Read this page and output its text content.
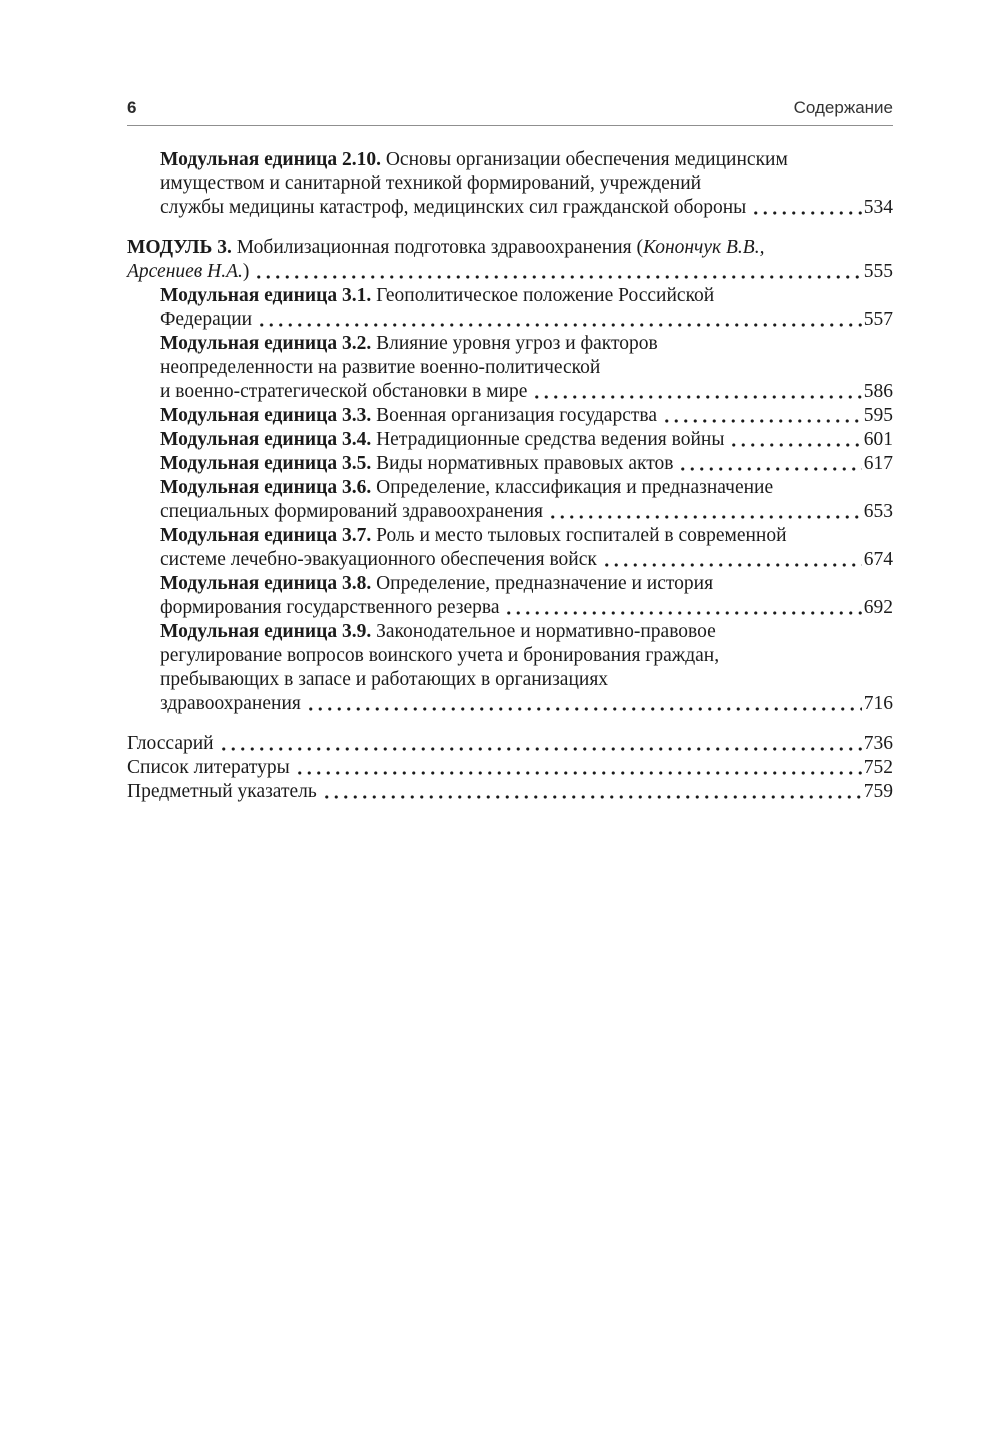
6	Содержание
Модульная единица 2.10. Основы организации обеспечения медицинским
имуществом и санитарной техникой формирований, учреждений
службы медицины катастроф, медицинских сил гражданской обороны	534
МОДУЛЬ 3. Мобилизационная подготовка здравоохранения ( Конончук В.В.,
Арсениев Н.А. )	555
Модульная единица 3.1. Геополитическое положение Российской
Федерации	557
Модульная единица 3.2. Влияние уровня угроз и факторов
неопределенности на развитие военно-политической
и военно-стратегической обстановки в мире	586
Модульная единица 3.3. Военная организация государства	595
Модульная единица 3.4. Нетрадиционные средства ведения войны	601
Модульная единица 3.5. Виды нормативных правовых актов	617
Модульная единица 3.6. Определение, классификация и предназначение
специальных формирований здравоохранения	653
Модульная единица 3.7. Роль и место тыловых госпиталей в современной
системе лечебно-эвакуационного обеспечения войск	674
Модульная единица 3.8. Определение, предназначение и история
формирования государственного резерва	692
Модульная единица 3.9. Законодательное и нормативно-правовое
регулирование вопросов воинского учета и бронирования граждан,
пребывающих в запасе и работающих в организациях
здравоохранения	716
Глоссарий	736
Список литературы	752
Предметный указатель	759
